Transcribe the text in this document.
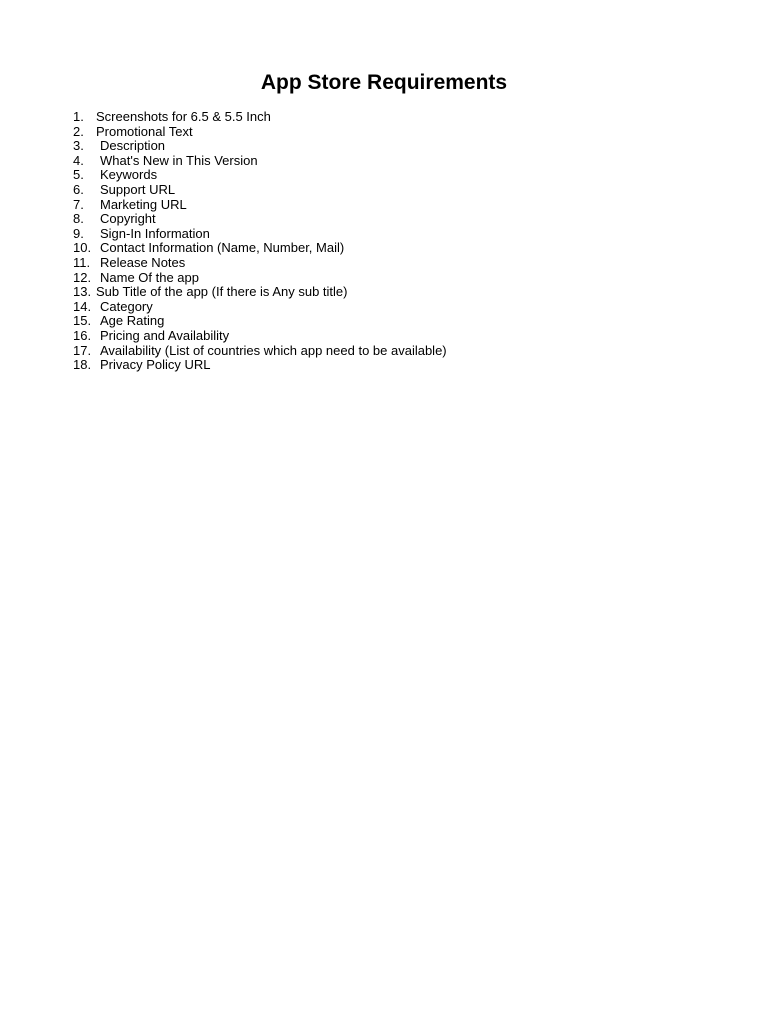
App Store Requirements
1. Screenshots for 6.5 & 5.5 Inch
2. Promotional Text
3. Description
4. What's New in This Version
5. Keywords
6. Support URL
7. Marketing URL
8. Copyright
9. Sign-In Information
10. Contact Information (Name, Number, Mail)
11. Release Notes
12. Name Of the app
13. Sub Title of the app (If there is Any sub title)
14. Category
15. Age Rating
16. Pricing and Availability
17. Availability (List of countries which app need to be available)
18. Privacy Policy URL
